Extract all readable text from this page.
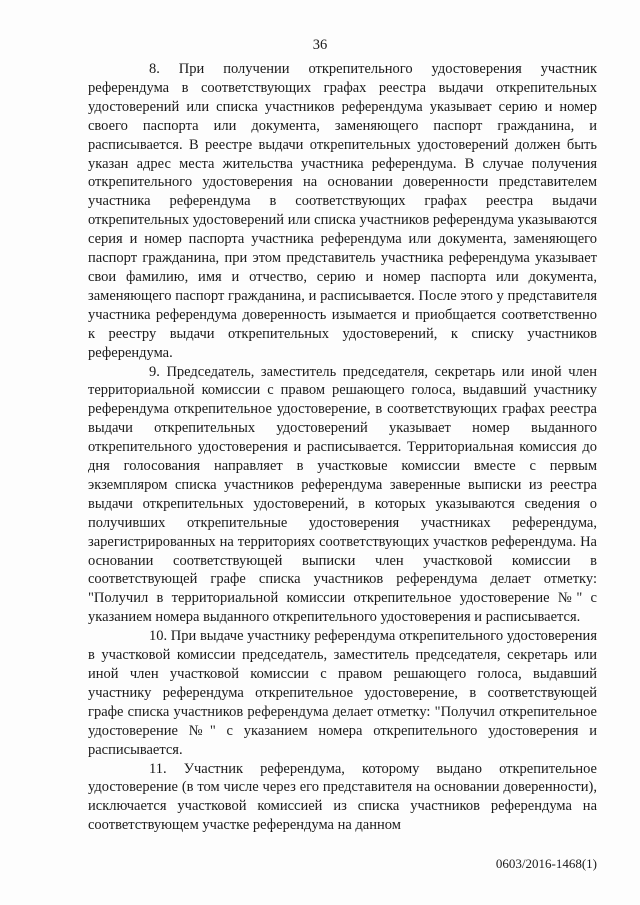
36

8. При получении открепительного удостоверения участник референдума в соответствующих графах реестра выдачи открепительных удостоверений или списка участников референдума указывает серию и номер своего паспорта или документа, заменяющего паспорт гражданина, и расписывается. В реестре выдачи открепительных удостоверений должен быть указан адрес места жительства участника референдума. В случае получения открепительного удостоверения на основании доверенности представителем участника референдума в соответствующих графах реестра выдачи открепительных удостоверений или списка участников референдума указываются серия и номер паспорта участника референдума или документа, заменяющего паспорт гражданина, при этом представитель участника референдума указывает свои фамилию, имя и отчество, серию и номер паспорта или документа, заменяющего паспорт гражданина, и расписывается. После этого у представителя участника референдума доверенность изымается и приобщается соответственно к реестру выдачи открепительных удостоверений, к списку участников референдума.

9. Председатель, заместитель председателя, секретарь или иной член территориальной комиссии с правом решающего голоса, выдавший участнику референдума открепительное удостоверение, в соответствующих графах реестра выдачи открепительных удостоверений указывает номер выданного открепительного удостоверения и расписывается. Территориальная комиссия до дня голосования направляет в участковые комиссии вместе с первым экземпляром списка участников референдума заверенные выписки из реестра выдачи открепительных удостоверений, в которых указываются сведения о получивших открепительные удостоверения участниках референдума, зарегистрированных на территориях соответствующих участков референдума. На основании соответствующей выписки член участковой комиссии в соответствующей графе списка участников референдума делает отметку: "Получил в территориальной комиссии открепительное удостоверение №" с указанием номера выданного открепительного удостоверения и расписывается.

10. При выдаче участнику референдума открепительного удостоверения в участковой комиссии председатель, заместитель председателя, секретарь или иной член участковой комиссии с правом решающего голоса, выдавший участнику референдума открепительное удостоверение, в соответствующей графе списка участников референдума делает отметку: "Получил открепительное удостоверение №" с указанием номера открепительного удостоверения и расписывается.

11. Участник референдума, которому выдано открепительное удостоверение (в том числе через его представителя на основании доверенности), исключается участковой комиссией из списка участников референдума на соответствующем участке референдума на данном

0603/2016-1468(1)
